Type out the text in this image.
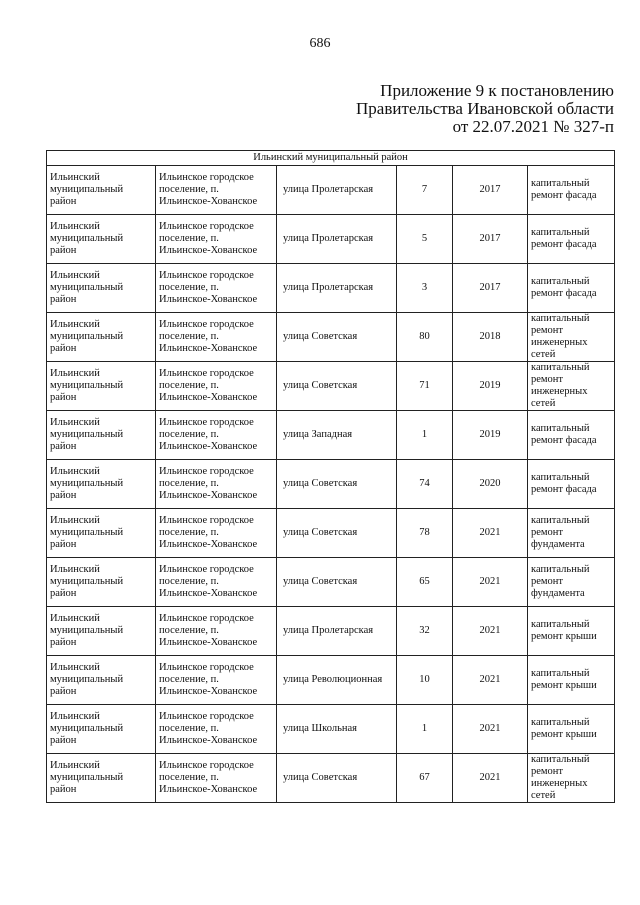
686
Приложение 9 к постановлению
Правительства Ивановской области
от 22.07.2021 № 327-п
Ильинский муниципальный район					
Ильинский муниципальный район	Ильинское городское поселение, п. Ильинское-Хованское	улица Пролетарская	7	2017	капитальный ремонт фасада
Ильинский муниципальный район	Ильинское городское поселение, п. Ильинское-Хованское	улица Пролетарская	5	2017	капитальный ремонт фасада
Ильинский муниципальный район	Ильинское городское поселение, п. Ильинское-Хованское	улица Пролетарская	3	2017	капитальный ремонт фасада
Ильинский муниципальный район	Ильинское городское поселение, п. Ильинское-Хованское	улица Советская	80	2018	капитальный ремонт инженерных сетей
Ильинский муниципальный район	Ильинское городское поселение, п. Ильинское-Хованское	улица Советская	71	2019	капитальный ремонт инженерных сетей
Ильинский муниципальный район	Ильинское городское поселение, п. Ильинское-Хованское	улица Западная	1	2019	капитальный ремонт фасада
Ильинский муниципальный район	Ильинское городское поселение, п. Ильинское-Хованское	улица Советская	74	2020	капитальный ремонт фасада
Ильинский муниципальный район	Ильинское городское поселение, п. Ильинское-Хованское	улица Советская	78	2021	капитальный ремонт фундамента
Ильинский муниципальный район	Ильинское городское поселение, п. Ильинское-Хованское	улица Советская	65	2021	капитальный ремонт фундамента
Ильинский муниципальный район	Ильинское городское поселение, п. Ильинское-Хованское	улица Пролетарская	32	2021	капитальный ремонт крыши
Ильинский муниципальный район	Ильинское городское поселение, п. Ильинское-Хованское	улица Революционная	10	2021	капитальный ремонт крыши
Ильинский муниципальный район	Ильинское городское поселение, п. Ильинское-Хованское	улица Школьная	1	2021	капитальный ремонт крыши
Ильинский муниципальный район	Ильинское городское поселение, п. Ильинское-Хованское	улица Советская	67	2021	капитальный ремонт инженерных сетей
